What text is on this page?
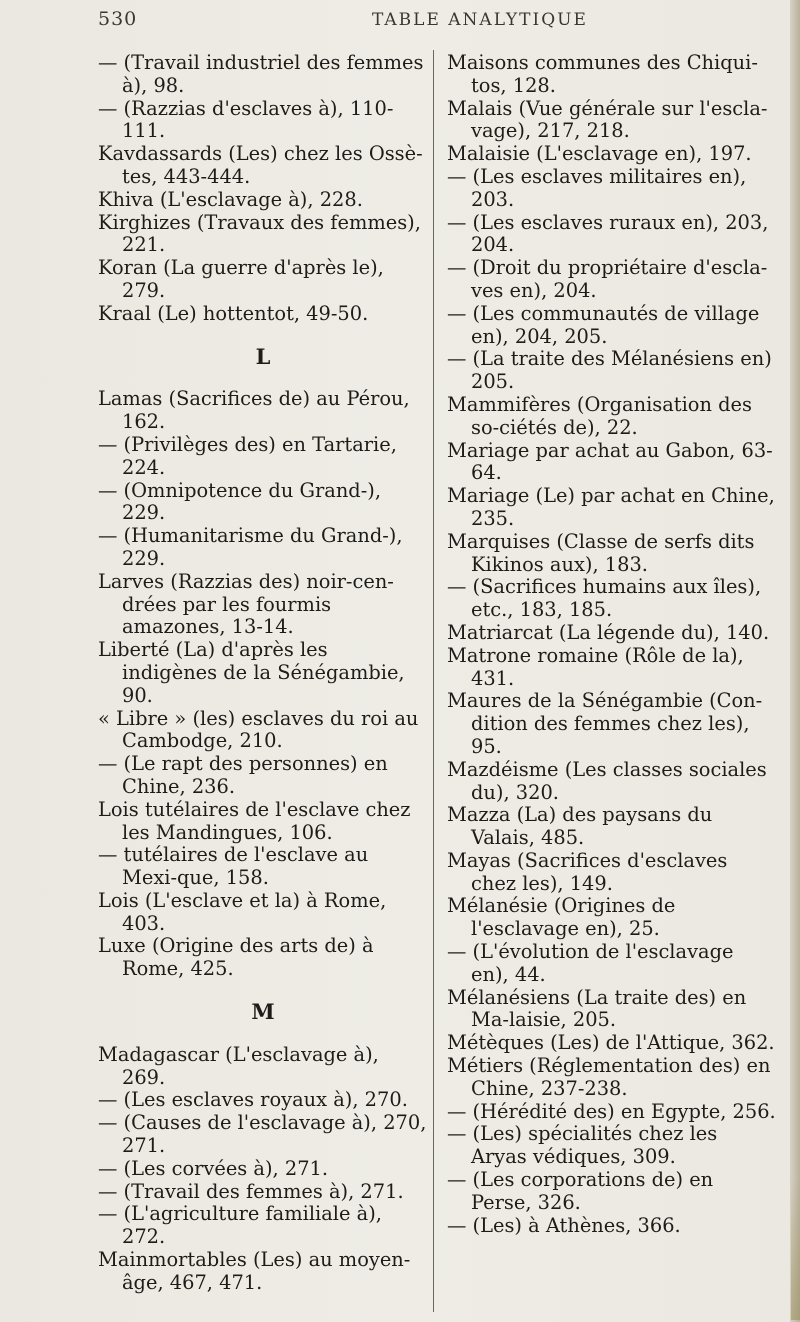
530	TABLE ANALYTIQUE

— (Travail industriel des femmes à), 98.

— (Razzias d'esclaves à), 110-111.

Kavdassards (Les) chez les Ossè-tes, 443-444.

Khiva (L'esclavage à), 228.

Kirghizes (Travaux des femmes), 221.

Koran (La guerre d'après le), 279.

Kraal (Le) hottentot, 49-50.

L

Lamas (Sacrifices de) au Pérou, 162.

— (Privilèges des) en Tartarie, 224.

— (Omnipotence du Grand-), 229.

— (Humanitarisme du Grand-), 229.

Larves (Razzias des) noir-cen-drées par les fourmis amazones, 13-14.

Liberté (La) d'après les indigènes de la Sénégambie, 90.

« Libre » (les) esclaves du roi au Cambodge, 210.

— (Le rapt des personnes) en Chine, 236.

Lois tutélaires de l'esclave chez les Mandingues, 106.

— tutélaires de l'esclave au Mexi-que, 158.

Lois (L'esclave et la) à Rome, 403.

Luxe (Origine des arts de) à Rome, 425.

M

Madagascar (L'esclavage à), 269.

— (Les esclaves royaux à), 270.

— (Causes de l'esclavage à), 270, 271.

— (Les corvées à), 271.

— (Travail des femmes à), 271.

— (L'agriculture familiale à), 272.

Mainmortables (Les) au moyen-âge, 467, 471.

Maisons communes des Chiqui-tos, 128.

Malais (Vue générale sur l'escla-vage), 217, 218.

Malaisie (L'esclavage en), 197.

— (Les esclaves militaires en), 203.

— (Les esclaves ruraux en), 203, 204.

— (Droit du propriétaire d'escla-ves en), 204.

— (Les communautés de village en), 204, 205.

— (La traite des Mélanésiens en) 205.

Mammifères (Organisation des so-ciétés de), 22.

Mariage par achat au Gabon, 63-64.

Mariage (Le) par achat en Chine, 235.

Marquises (Classe de serfs dits Kikinos aux), 183.

— (Sacrifices humains aux îles), etc., 183, 185.

Matriarcat (La légende du), 140.

Matrone romaine (Rôle de la), 431.

Maures de la Sénégambie (Con-dition des femmes chez les), 95.

Mazdéisme (Les classes sociales du), 320.

Mazza (La) des paysans du Valais, 485.

Mayas (Sacrifices d'esclaves chez les), 149.

Mélanésie (Origines de l'esclavage en), 25.

— (L'évolution de l'esclavage en), 44.

Mélanésiens (La traite des) en Ma-laisie, 205.

Métèques (Les) de l'Attique, 362.

Métiers (Réglementation des) en Chine, 237-238.

— (Hérédité des) en Egypte, 256.

— (Les) spécialités chez les Aryas védiques, 309.

— (Les corporations de) en Perse, 326.

— (Les) à Athènes, 366.
